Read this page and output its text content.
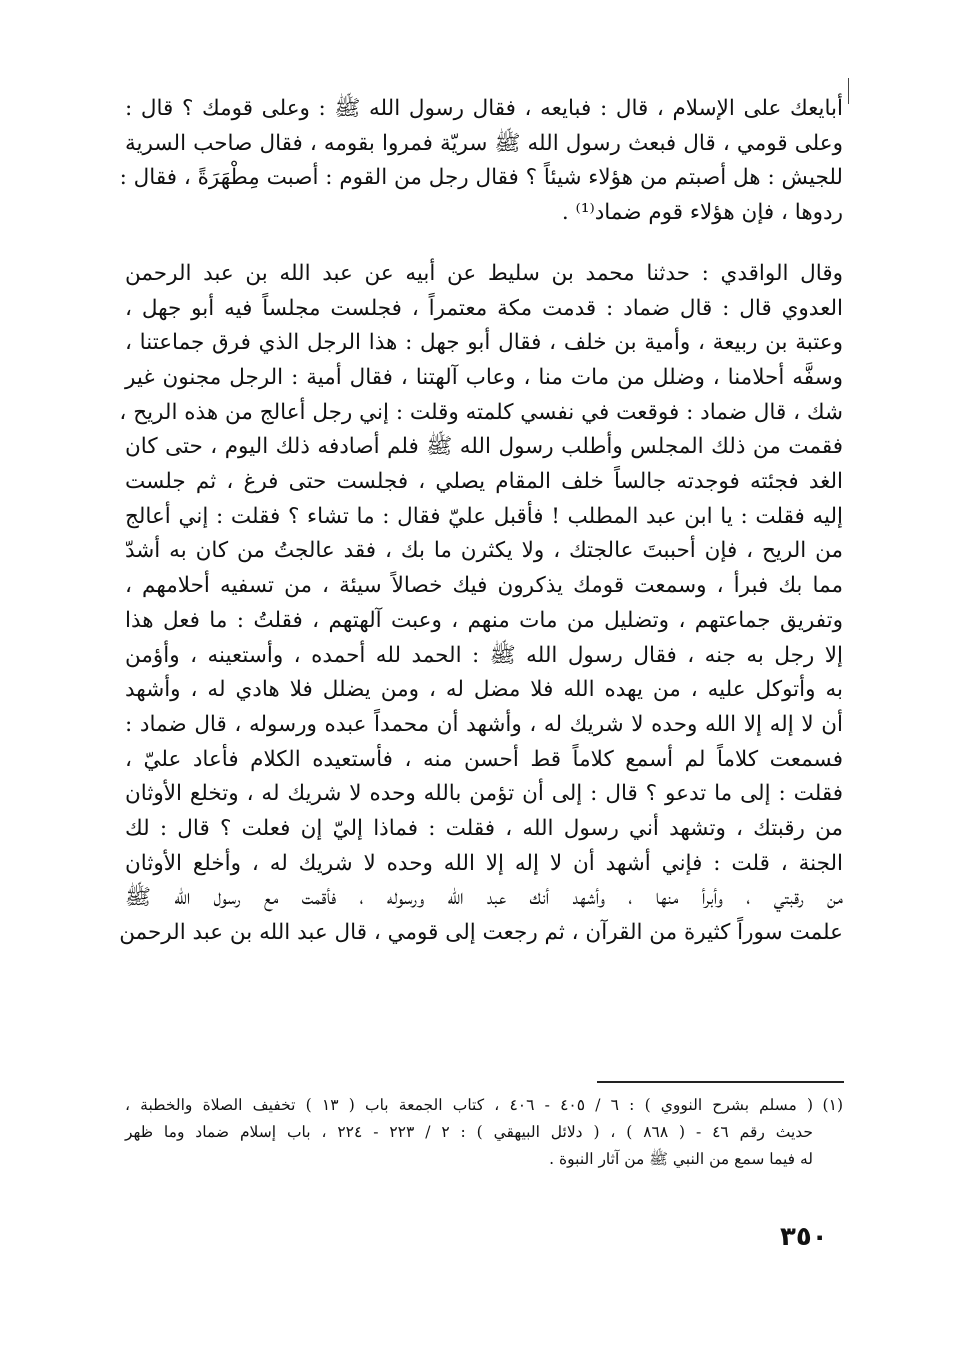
أبايعك على الإسلام ، قال : فبايعه ، فقال رسول الله ﷺ : وعلى قومك ؟ قال :
وعلى قومي ، قال فبعث رسول الله ﷺ سريّة فمروا بقومه ، فقال صاحب السرية
للجيش : هل أصبتم من هؤلاء شيئاً ؟ فقال رجل من القوم : أصبت مِطْهَرَةً ، فقال :
ردوها ، فإن هؤلاء قوم ضماد⁽¹⁾ .

وقال الواقدي : حدثنا محمد بن سليط عن أبيه عن عبد الله بن عبد الرحمن
العدوي قال : قال ضماد : قدمت مكة معتمراً ، فجلست مجلساً فيه أبو جهل ،
وعتبة بن ربيعة ، وأمية بن خلف ، فقال أبو جهل : هذا الرجل الذي فرق جماعتنا ،
وسفَّه أحلامنا ، وضلل من مات منا ، وعاب آلهتنا ، فقال أمية : الرجل مجنون غير
شك ، قال ضماد : فوقعت في نفسي كلمته وقلت : إني رجل أعالج من هذه الريح ،
فقمت من ذلك المجلس وأطلب رسول الله ﷺ فلم أصادفه ذلك اليوم ، حتى كان
الغد فجئته فوجدته جالساً خلف المقام يصلي ، فجلست حتى فرغ ، ثم جلست
إليه فقلت : يا ابن عبد المطلب ! فأقبل عليّ فقال : ما تشاء ؟ فقلت : إني أعالج
من الريح ، فإن أحببتَ عالجتك ، ولا يكثرن ما بك ، فقد عالجتُ من كان به أشدّ
مما بك فبرأ ، وسمعت قومك يذكرون فيك خصالاً سيئة ، من تسفيه أحلامهم ،
وتفريق جماعتهم ، وتضليل من مات منهم ، وعبت آلهتهم ، فقلتُ : ما فعل هذا
إلا رجل به جنه ، فقال رسول الله ﷺ : الحمد لله أحمده ، وأستعينه ، وأؤمن
به وأتوكل عليه ، من يهده الله فلا مضل له ، ومن يضلل فلا هادي له ، وأشهد
أن لا إله إلا الله وحده لا شريك له ، وأشهد أن محمداً عبده ورسوله ، قال ضماد :
فسمعت كلاماً لم أسمع كلاماً قط أحسن منه ، فأستعيده الكلام فأعاد عليّ ،
فقلت : إلى ما تدعو ؟ قال : إلى أن تؤمن بالله وحده لا شريك له ، وتخلع الأوثان
من رقبتك ، وتشهد أني رسول الله ، فقلت : فماذا إليّ إن فعلت ؟ قال : لك
الجنة ، قلت : فإني أشهد أن لا إله إلا الله وحده لا شريك له ، وأخلع الأوثان
من رقبتي ، وأبرأ منها ، وأشهد أنك عبد الله ورسوله ، فأقمت مع رسول الله ﷺ
علمت سوراً كثيرة من القرآن ، ثم رجعت إلى قومي ، قال عبد الله بن عبد الرحمن

(١)( مسلم بشرح النووي ) : ٦ / ٤٠٥ - ٤٠٦ ، كتاب الجمعة باب ( ١٣ ) تخفيف الصلاة والخطبة ،
حديث رقم ٤٦ - ( ٨٦٨ ) ، ( دلائل البيهقي ) : ٢ / ٢٢٣ - ٢٢٤ ، باب إسلام ضماد وما ظهر
له فيما سمع من النبي ﷺ من آثار النبوة .
٣٥٠
